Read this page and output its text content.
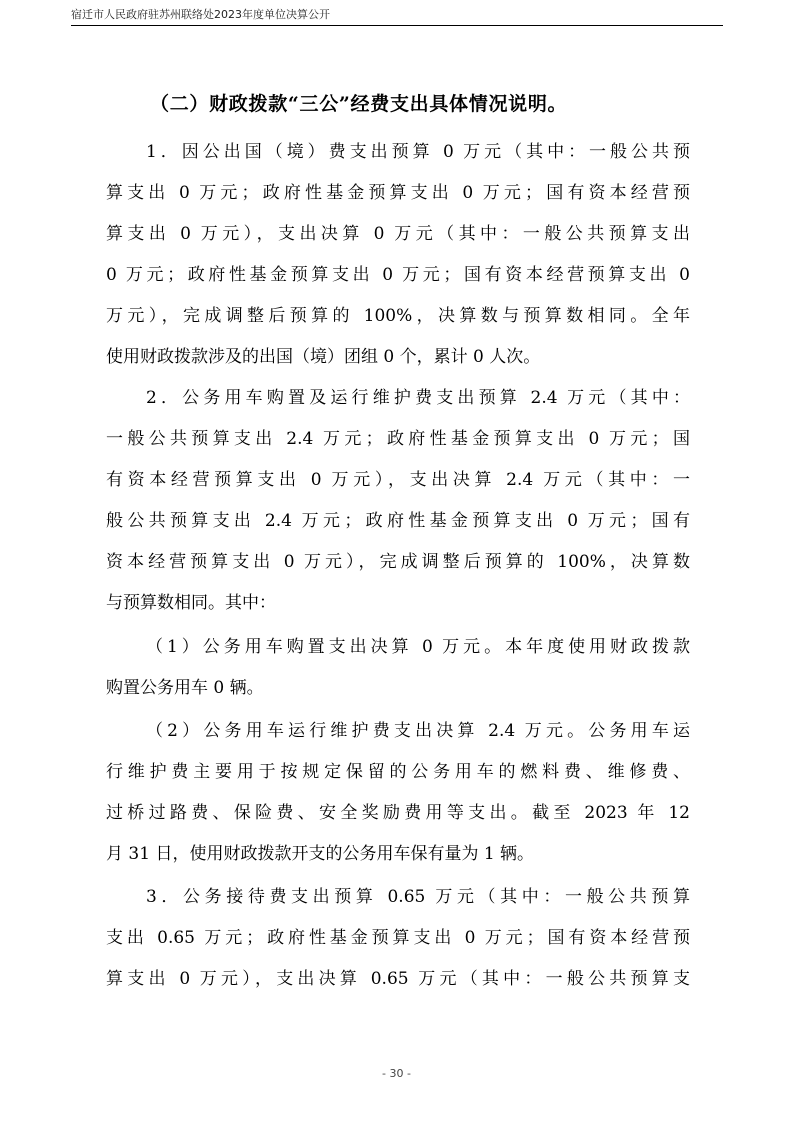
宿迁市人民政府驻苏州联络处2023年度单位决算公开
（二）财政拨款“三公”经费支出具体情况说明。
1．因公出国（境）费支出预算 0 万元（其中：一般公共预
算支出 0 万元；政府性基金预算支出 0 万元；国有资本经营预
算支出 0 万元），支出决算 0 万元（其中：一般公共预算支出
0 万元；政府性基金预算支出 0 万元；国有资本经营预算支出 0
万元），完成调整后预算的 100%，决算数与预算数相同。全年
使用财政拨款涉及的出国（境）团组 0 个，累计 0 人次。
2．公务用车购置及运行维护费支出预算 2.4 万元（其中：
一般公共预算支出 2.4 万元；政府性基金预算支出 0 万元；国
有资本经营预算支出 0 万元），支出决算 2.4 万元（其中：一
般公共预算支出 2.4 万元；政府性基金预算支出 0 万元；国有
资本经营预算支出 0 万元），完成调整后预算的 100%，决算数
与预算数相同。其中：
（1）公务用车购置支出决算 0 万元。本年度使用财政拨款
购置公务用车 0 辆。
（2）公务用车运行维护费支出决算 2.4 万元。公务用车运
行维护费主要用于按规定保留的公务用车的燃料费、维修费、
过桥过路费、保险费、安全奖励费用等支出。截至 2023 年 12
月 31 日，使用财政拨款开支的公务用车保有量为 1 辆。
3．公务接待费支出预算 0.65 万元（其中：一般公共预算
支出 0.65 万元；政府性基金预算支出 0 万元；国有资本经营预
算支出 0 万元），支出决算 0.65 万元（其中：一般公共预算支
- 30 -
